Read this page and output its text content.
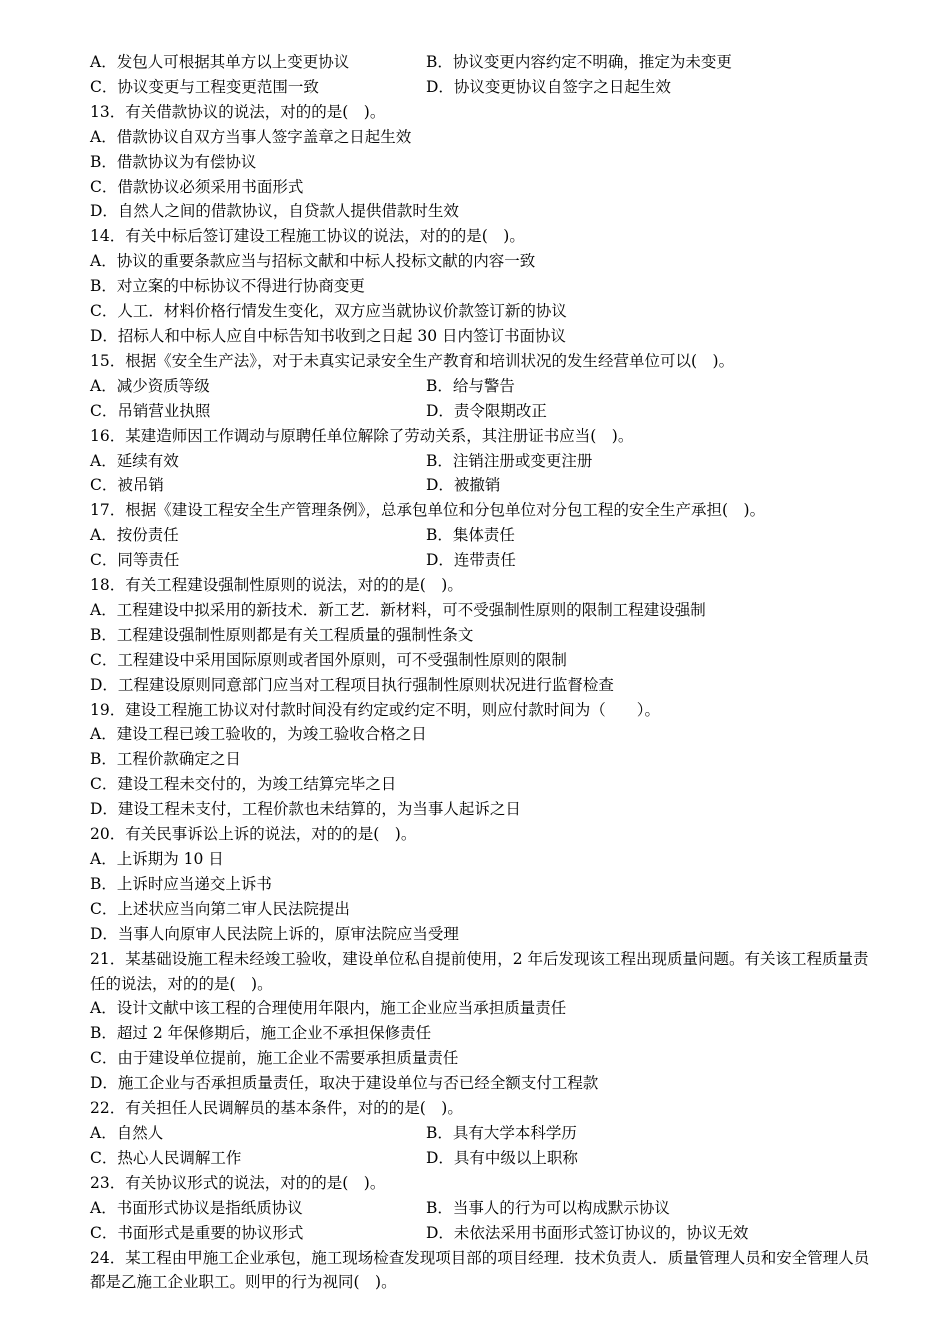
A．发包人可根据其单方以上变更协议	B．协议变更内容约定不明确，推定为未变更
C．协议变更与工程变更范围一致	D．协议变更协议自签字之日起生效
13．有关借款协议的说法，对的的是(　)。
A．借款协议自双方当事人签字盖章之日起生效
B．借款协议为有偿协议
C．借款协议必须采用书面形式
D．自然人之间的借款协议，自贷款人提供借款时生效
14．有关中标后签订建设工程施工协议的说法，对的的是(　)。
A．协议的重要条款应当与招标文献和中标人投标文献的内容一致
B．对立案的中标协议不得进行协商变更
C．人工．材料价格行情发生变化，双方应当就协议价款签订新的协议
D．招标人和中标人应自中标告知书收到之日起 30 日内签订书面协议
15．根据《安全生产法》，对于未真实记录安全生产教育和培训状况的发生经营单位可以(　)。
A．减少资质等级	B．给与警告
C．吊销营业执照	D．责令限期改正
16．某建造师因工作调动与原聘任单位解除了劳动关系，其注册证书应当(　)。
A．延续有效	B．注销注册或变更注册
C．被吊销	D．被撤销
17．根据《建设工程安全生产管理条例》，总承包单位和分包单位对分包工程的安全生产承担(　)。
A．按份责任	B．集体责任
C．同等责任	D．连带责任
18．有关工程建设强制性原则的说法，对的的是(　)。
A．工程建设中拟采用的新技术．新工艺．新材料，可不受强制性原则的限制工程建设强制
B．工程建设强制性原则都是有关工程质量的强制性条文
C．工程建设中采用国际原则或者国外原则，可不受强制性原则的限制
D．工程建设原则同意部门应当对工程项目执行强制性原则状况进行监督检查
19．建设工程施工协议对付款时间没有约定或约定不明，则应付款时间为（　　）。
A．建设工程已竣工验收的，为竣工验收合格之日
B．工程价款确定之日
C．建设工程未交付的，为竣工结算完毕之日
D．建设工程未支付，工程价款也未结算的，为当事人起诉之日
20．有关民事诉讼上诉的说法，对的的是(　)。
A．上诉期为 10 日
B．上诉时应当递交上诉书
C．上述状应当向第二审人民法院提出
D．当事人向原审人民法院上诉的，原审法院应当受理
21．某基础设施工程未经竣工验收，建设单位私自提前使用，2 年后发现该工程出现质量问题。有关该工程质量责任的说法，对的的是(　)。
A．设计文献中该工程的合理使用年限内，施工企业应当承担质量责任
B．超过 2 年保修期后，施工企业不承担保修责任
C．由于建设单位提前，施工企业不需要承担质量责任
D．施工企业与否承担质量责任，取决于建设单位与否已经全额支付工程款
22．有关担任人民调解员的基本条件，对的的是(　)。
A．自然人	B．具有大学本科学历
C．热心人民调解工作	D．具有中级以上职称
23．有关协议形式的说法，对的的是(　)。
A．书面形式协议是指纸质协议	B．当事人的行为可以构成默示协议
C．书面形式是重要的协议形式	D．未依法采用书面形式签订协议的，协议无效
24．某工程由甲施工企业承包，施工现场检查发现项目部的项目经理．技术负责人．质量管理人员和安全管理人员都是乙施工企业职工。则甲的行为视同(　)。
